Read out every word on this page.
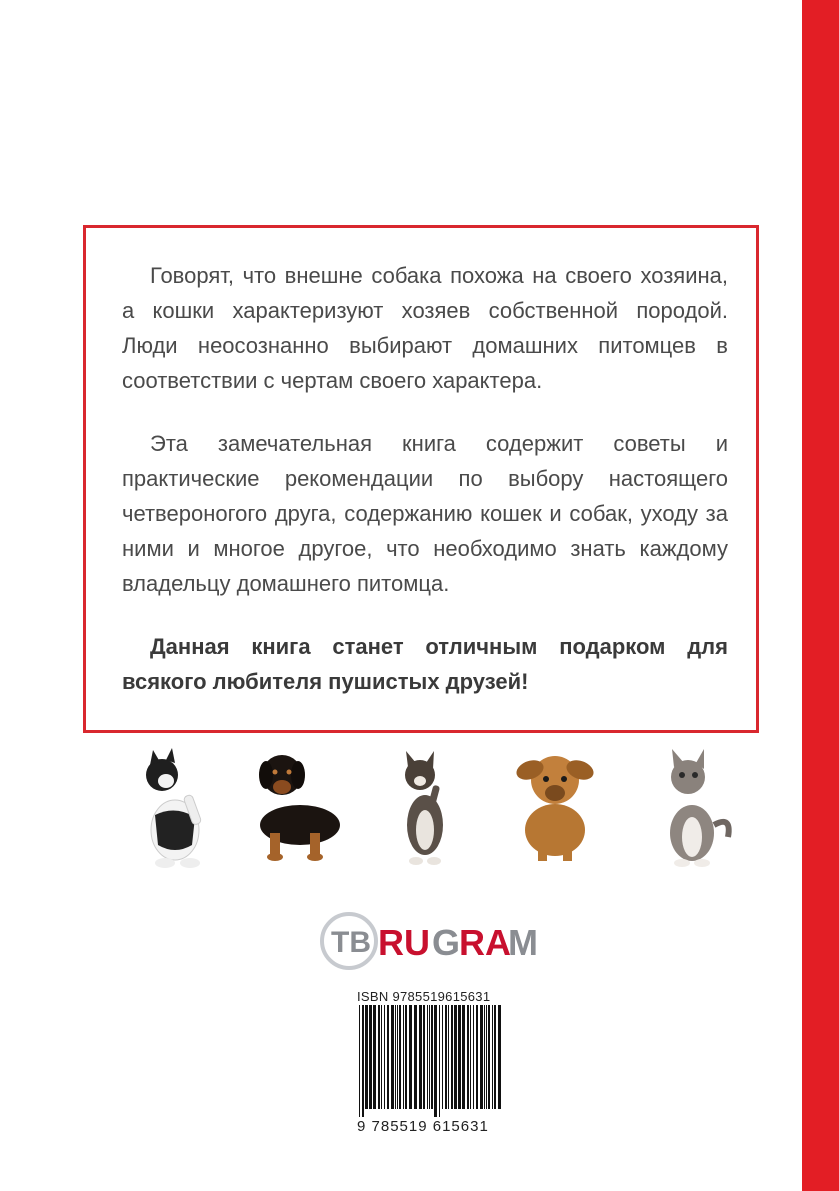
Говорят, что внешне собака похожа на своего хозяина, а кошки характеризуют хозяев собственной породой. Люди неосознанно выбирают домашних питомцев в соответствии с чертам своего характера.

Эта замечательная книга содержит советы и практические рекомендации по выбору настоящего четвероногого друга, содержанию кошек и собак, уходу за ними и многое другое, что необходимо знать каждому владельцу домашнего питомца.

Данная книга станет отличным подарком для всякого любителя пушистых друзей!

TB RU G
RA
M
ISBN 9785519615631
9 785519 615631
